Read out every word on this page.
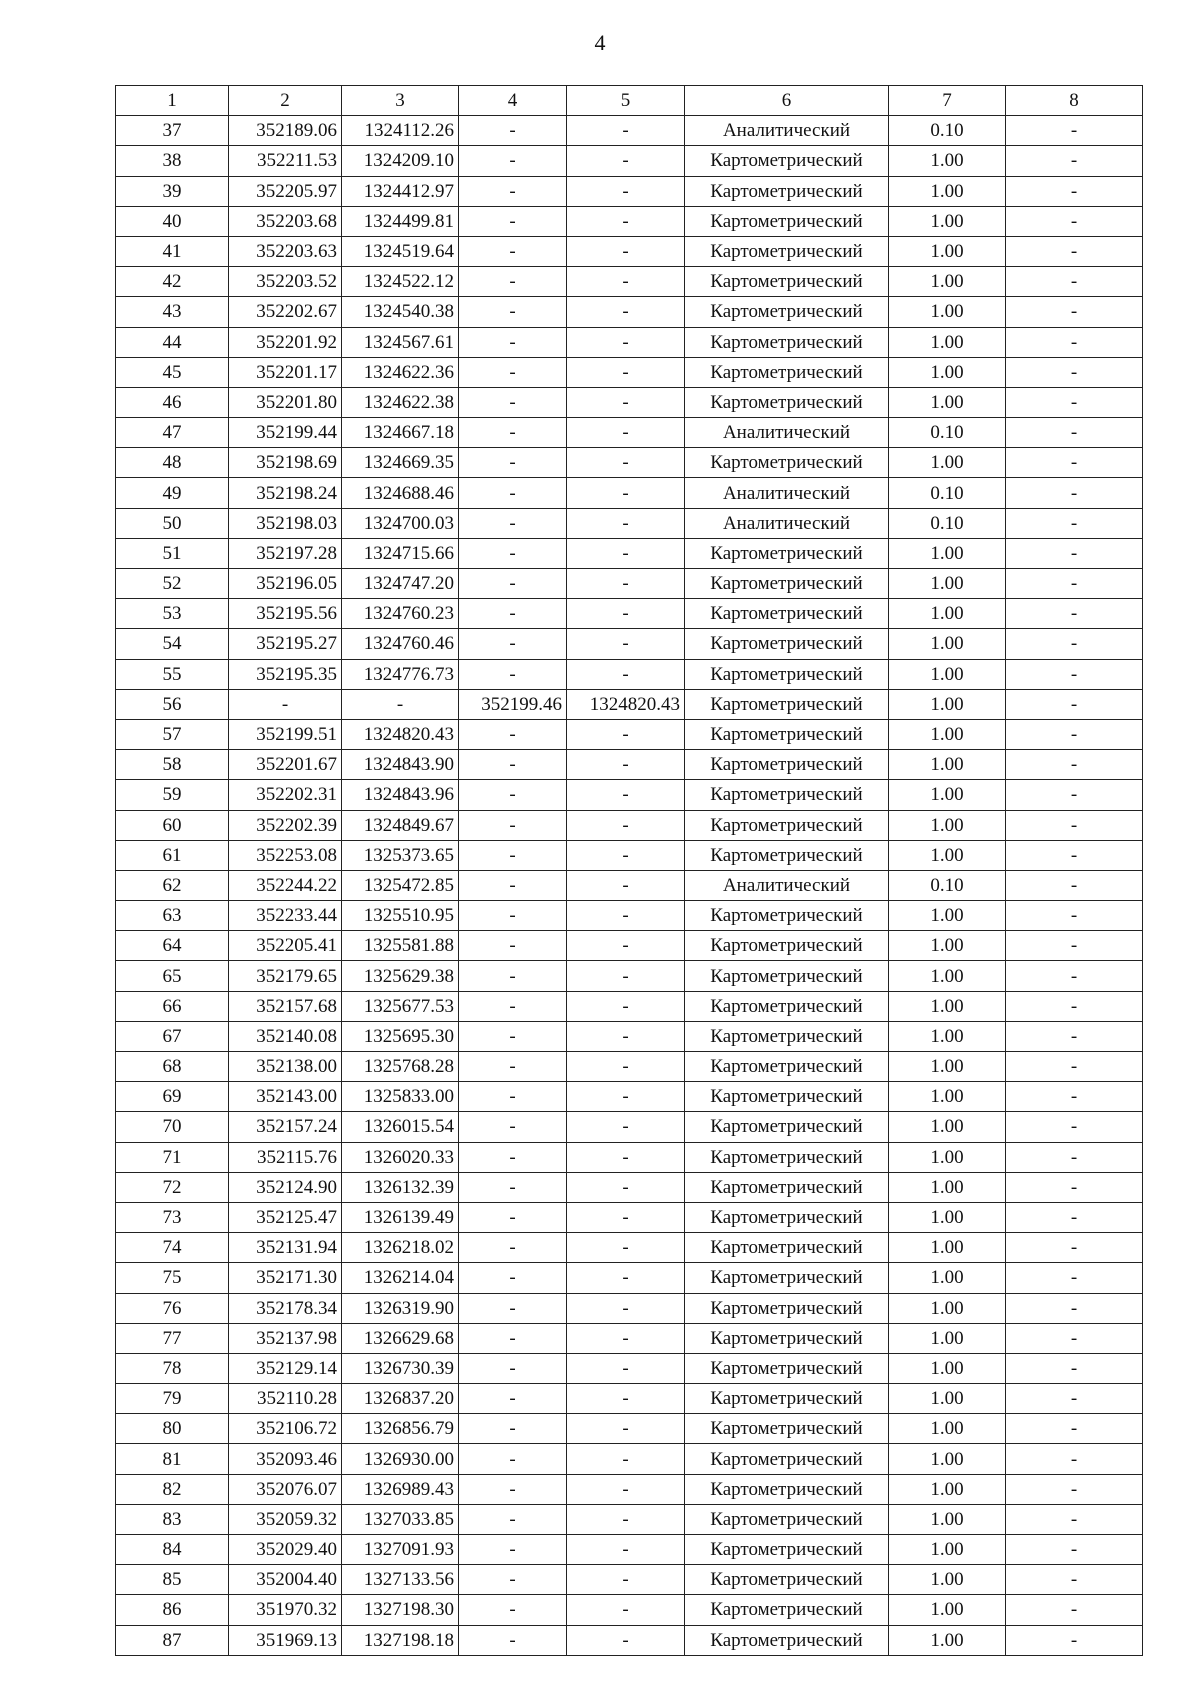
4
1	2	3	4	5	6	7	8
37	352189.06	1324112.26	-	-	Аналитический	0.10	-
38	352211.53	1324209.10	-	-	Картометрический	1.00	-
39	352205.97	1324412.97	-	-	Картометрический	1.00	-
40	352203.68	1324499.81	-	-	Картометрический	1.00	-
41	352203.63	1324519.64	-	-	Картометрический	1.00	-
42	352203.52	1324522.12	-	-	Картометрический	1.00	-
43	352202.67	1324540.38	-	-	Картометрический	1.00	-
44	352201.92	1324567.61	-	-	Картометрический	1.00	-
45	352201.17	1324622.36	-	-	Картометрический	1.00	-
46	352201.80	1324622.38	-	-	Картометрический	1.00	-
47	352199.44	1324667.18	-	-	Аналитический	0.10	-
48	352198.69	1324669.35	-	-	Картометрический	1.00	-
49	352198.24	1324688.46	-	-	Аналитический	0.10	-
50	352198.03	1324700.03	-	-	Аналитический	0.10	-
51	352197.28	1324715.66	-	-	Картометрический	1.00	-
52	352196.05	1324747.20	-	-	Картометрический	1.00	-
53	352195.56	1324760.23	-	-	Картометрический	1.00	-
54	352195.27	1324760.46	-	-	Картометрический	1.00	-
55	352195.35	1324776.73	-	-	Картометрический	1.00	-
56	-	-	352199.46	1324820.43	Картометрический	1.00	-
57	352199.51	1324820.43	-	-	Картометрический	1.00	-
58	352201.67	1324843.90	-	-	Картометрический	1.00	-
59	352202.31	1324843.96	-	-	Картометрический	1.00	-
60	352202.39	1324849.67	-	-	Картометрический	1.00	-
61	352253.08	1325373.65	-	-	Картометрический	1.00	-
62	352244.22	1325472.85	-	-	Аналитический	0.10	-
63	352233.44	1325510.95	-	-	Картометрический	1.00	-
64	352205.41	1325581.88	-	-	Картометрический	1.00	-
65	352179.65	1325629.38	-	-	Картометрический	1.00	-
66	352157.68	1325677.53	-	-	Картометрический	1.00	-
67	352140.08	1325695.30	-	-	Картометрический	1.00	-
68	352138.00	1325768.28	-	-	Картометрический	1.00	-
69	352143.00	1325833.00	-	-	Картометрический	1.00	-
70	352157.24	1326015.54	-	-	Картометрический	1.00	-
71	352115.76	1326020.33	-	-	Картометрический	1.00	-
72	352124.90	1326132.39	-	-	Картометрический	1.00	-
73	352125.47	1326139.49	-	-	Картометрический	1.00	-
74	352131.94	1326218.02	-	-	Картометрический	1.00	-
75	352171.30	1326214.04	-	-	Картометрический	1.00	-
76	352178.34	1326319.90	-	-	Картометрический	1.00	-
77	352137.98	1326629.68	-	-	Картометрический	1.00	-
78	352129.14	1326730.39	-	-	Картометрический	1.00	-
79	352110.28	1326837.20	-	-	Картометрический	1.00	-
80	352106.72	1326856.79	-	-	Картометрический	1.00	-
81	352093.46	1326930.00	-	-	Картометрический	1.00	-
82	352076.07	1326989.43	-	-	Картометрический	1.00	-
83	352059.32	1327033.85	-	-	Картометрический	1.00	-
84	352029.40	1327091.93	-	-	Картометрический	1.00	-
85	352004.40	1327133.56	-	-	Картометрический	1.00	-
86	351970.32	1327198.30	-	-	Картометрический	1.00	-
87	351969.13	1327198.18	-	-	Картометрический	1.00	-
